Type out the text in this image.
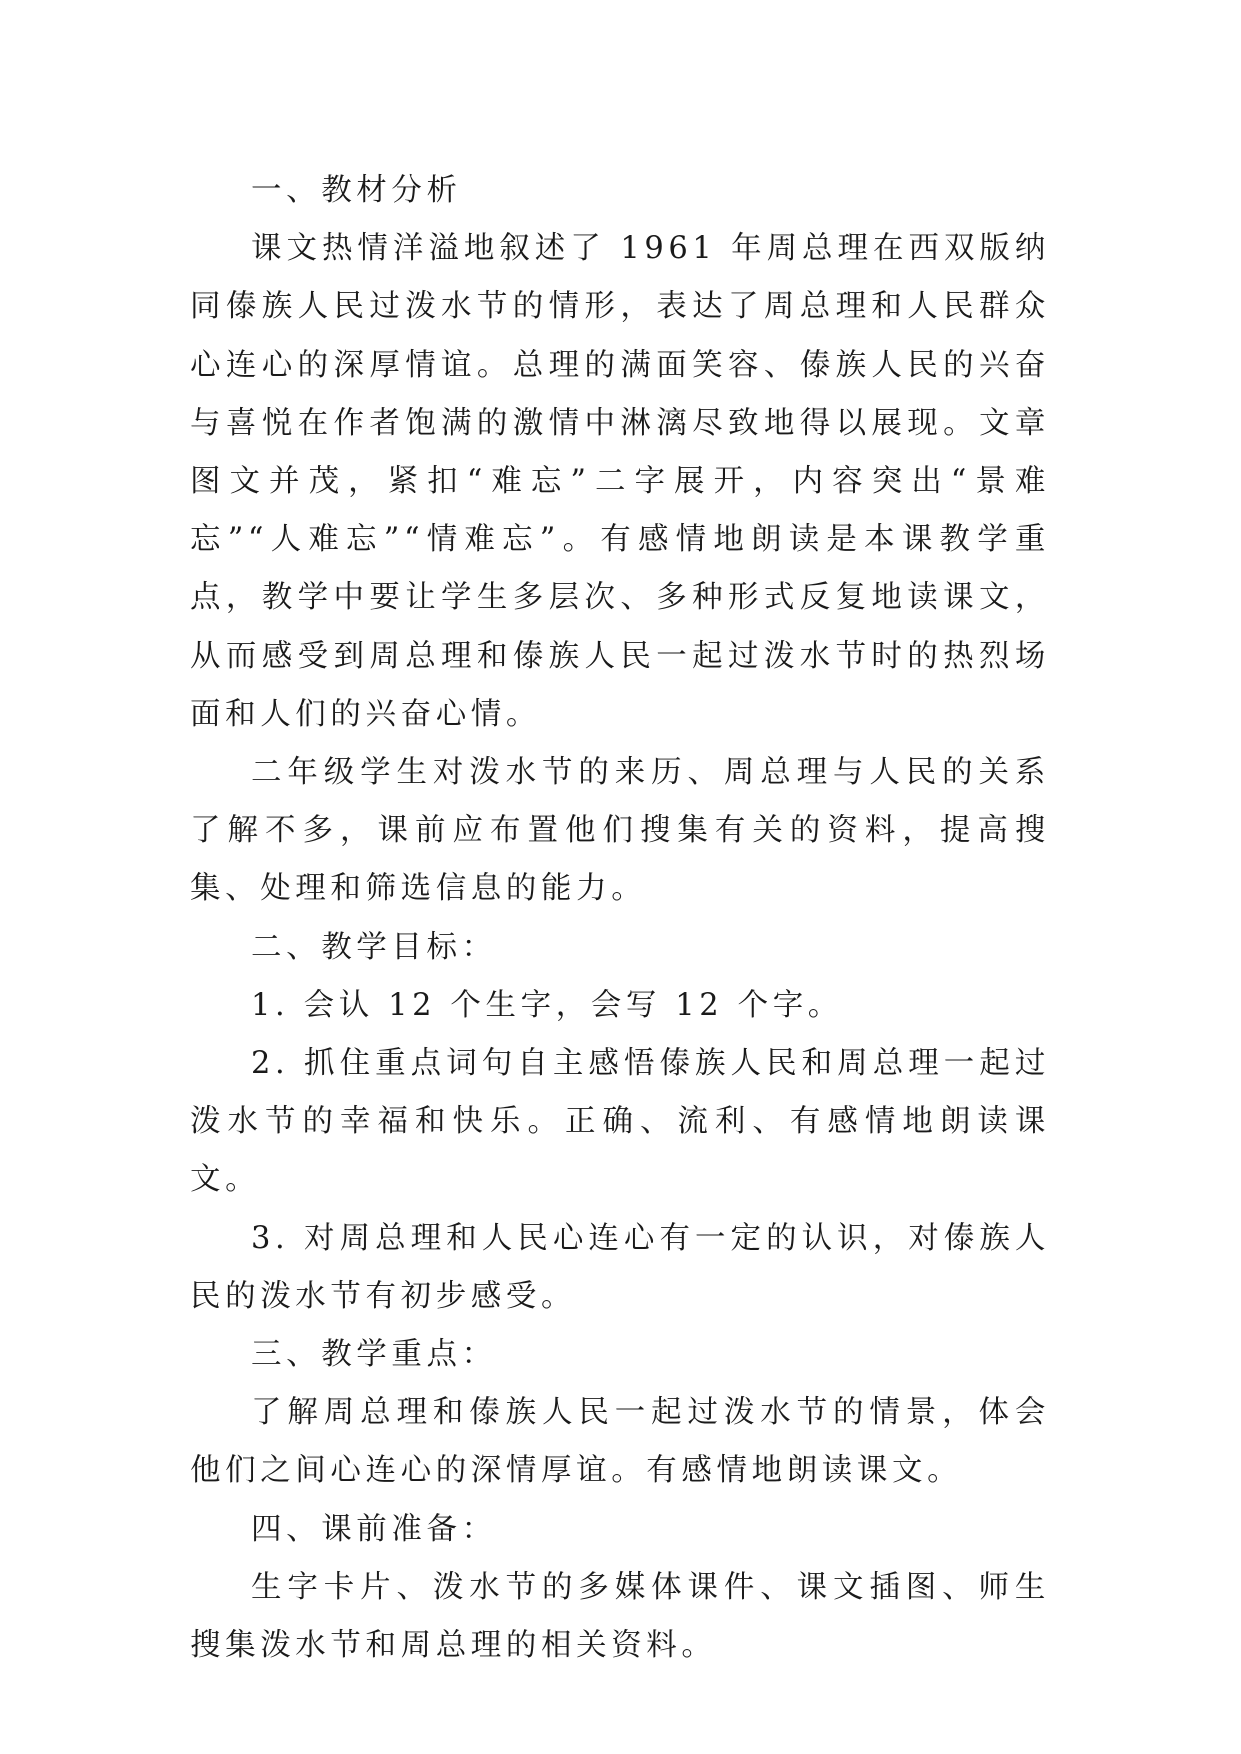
一、教材分析

课文热情洋溢地叙述了 1961 年周总理在西双版纳同傣族人民过泼水节的情形，表达了周总理和人民群众心连心的深厚情谊。总理的满面笑容、傣族人民的兴奋与喜悦在作者饱满的激情中淋漓尽致地得以展现。文章图文并茂，紧扣“难忘”二字展开，内容突出“景难忘”“人难忘”“情难忘”。有感情地朗读是本课教学重点，教学中要让学生多层次、多种形式反复地读课文，从而感受到周总理和傣族人民一起过泼水节时的热烈场面和人们的兴奋心情。

二年级学生对泼水节的来历、周总理与人民的关系了解不多，课前应布置他们搜集有关的资料，提高搜集、处理和筛选信息的能力。

二、教学目标：

1. 会认 12 个生字，会写 12 个字。

2. 抓住重点词句自主感悟傣族人民和周总理一起过泼水节的幸福和快乐。正确、流利、有感情地朗读课文。

3. 对周总理和人民心连心有一定的认识，对傣族人民的泼水节有初步感受。

三、教学重点：

了解周总理和傣族人民一起过泼水节的情景，体会他们之间心连心的深情厚谊。有感情地朗读课文。

四、课前准备：

生字卡片、泼水节的多媒体课件、课文插图、师生搜集泼水节和周总理的相关资料。
